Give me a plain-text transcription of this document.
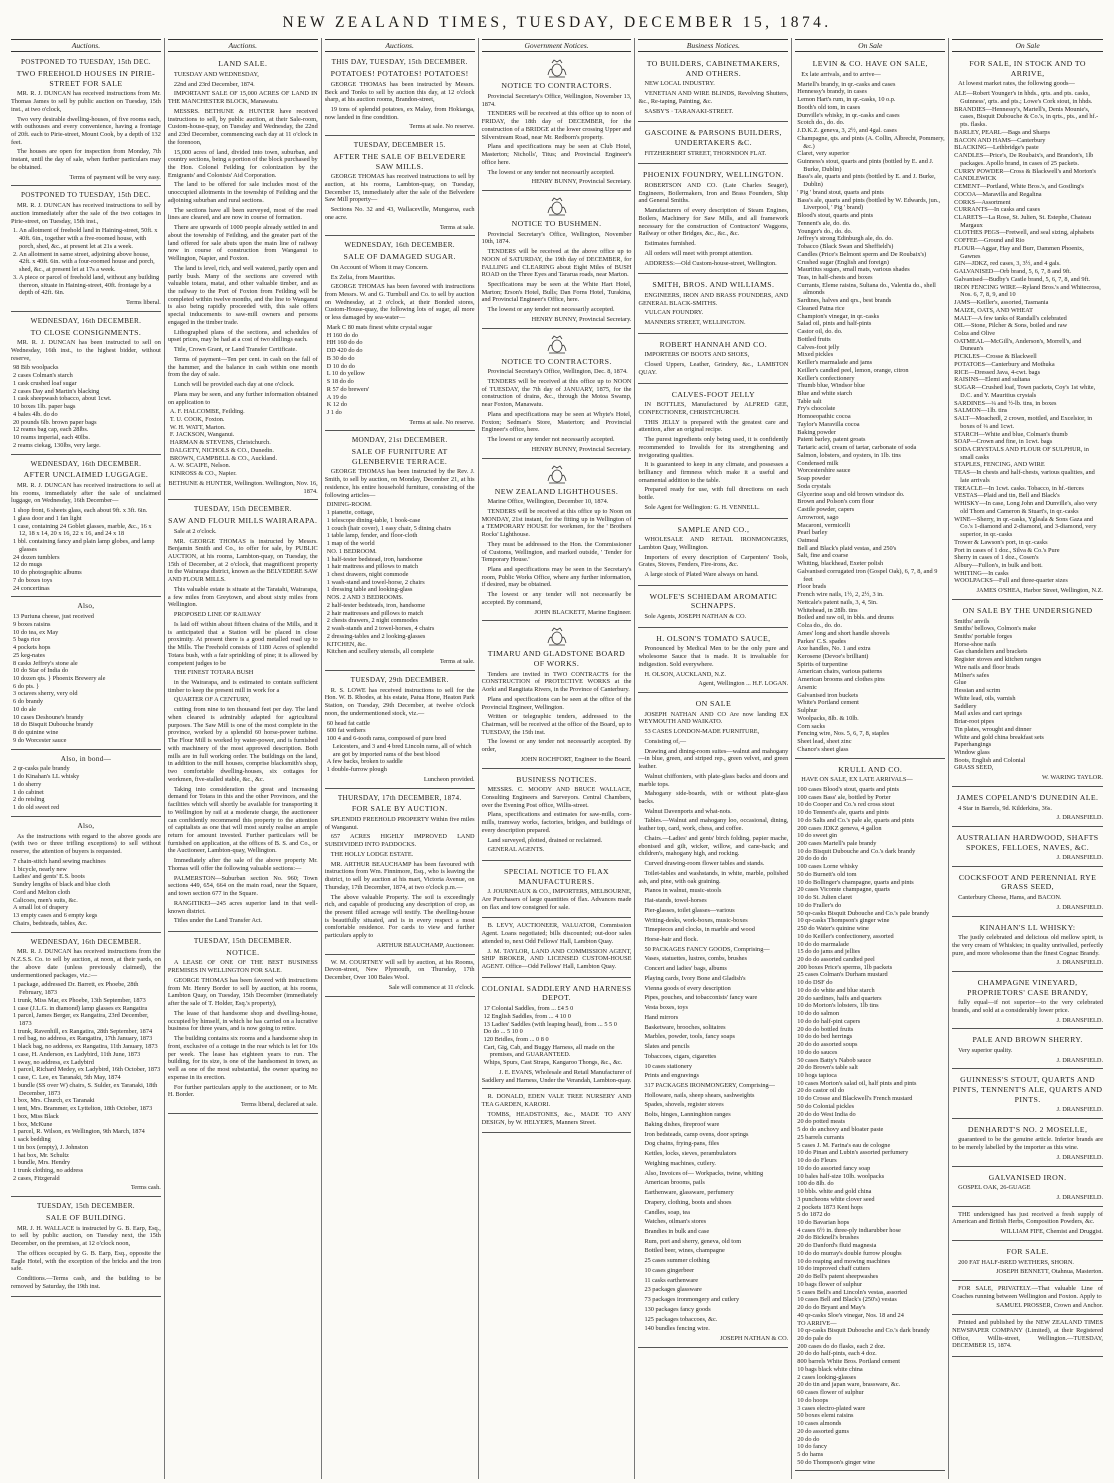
NEW ZEALAND TIMES, TUESDAY, DECEMBER 15, 1874.
Auctions.
POSTPONED TO TUESDAY, 15th DEC.
TWO FREEHOLD HOUSES IN PIRIE-STREET FOR SALE

MR. R. J. DUNCAN has received instructions from Mr. Thomas James to sell by public auction on Tuesday, 15th inst., at two o'clock,

Two very desirable dwelling-houses, of five rooms each, with outhouses and every convenience, having a frontage of 20ft. each to Pirie-street, Mount Cook, by a depth of 132 feet.

The houses are open for inspection from Monday, 7th instant, until the day of sale, when further particulars may be obtained.

Terms of payment will be very easy.
POSTPONED TO TUESDAY, 15th DEC.

MR. R. J. DUNCAN has received instructions to sell by auction immediately after the sale of the two cottages in Pirie-street, on Tuesday, 15th inst.,

1. An allotment of freehold land in Haining-street, 50ft. x 40ft. 6in., together with a five-roomed house, with porch, shed, &c., at present let at 21s a week.
2. An allotment in same street, adjoining above house, 42ft. x 40ft. 6in. with a four-roomed house and porch, shed, &c., at present let at 17s a week.
3. A piece or parcel of freehold land, without any building thereon, situate in Haining-street, 40ft. frontage by a depth of 42ft. 6in.
Terms liberal.
WEDNESDAY, 16th DECEMBER.
TO CLOSE CONSIGNMENTS.

MR. R. J. DUNCAN has been instructed to sell on Wednesday, 16th inst., to the highest bidder, without reserve,

98 Bib woolpacks
2 cases Colman's starch
1 cask crushed loaf sugar
2 cases Day and Martin's blacking
1 cask sheepwash tobacco, about 1cwt.
10 boxes 1lb. paper bags
4 bales 4lb. do do
20 pounds 6lb. brown paper bags
12 reams bag cap, each 28lbs.
10 reams imperial, each 40lbs.
2 reams ciekag, 130lbs, very large.
WEDNESDAY, 16th DECEMBER.
AFTER UNCLAIMED LUGGAGE.

MR. R. J. DUNCAN has received instructions to sell at his rooms, immediately after the sale of unclaimed luggage, on Wednesday, 16th December—

1 shop front, 6 sheets glass, each about 9ft. x 3ft. 6in.
1 glass door and 1 fan light
1 case, containing 24 Goblet glasses, marble, &c., 16 x 12, 18 x 14, 20 x 16, 22 x 16, and 24 x 18
1 bbl. containing fancy and plain lamp globes, and lamp glasses
24 dozen tumblers
12 do mugs
10 do photographic albums
7 do boxes toys
24 concertinas
Also,
13 Puriuna cheese, just received
9 boxes raisins
10 do tea, ex May
5 bags rice
4 pockets hops
25 keg-nates
8 casks Jeffrey's stone ale
10 do Star of India do
10 dozen qts. } Phoenix Brewery ale
6 do pts. }
3 octaves sherry, very old
6 do brandy
10 do ale
10 cases Deshoune's brandy
18 do Bisquit Dubouche brandy
8 do quinine wine
9 do Worcester sauce
Also, in bond—
2 qr-casks pale brandy
1 do Kinahan's LL whisky
1 do sherry
1 do cabinet
2 do reisling
1 do old sweet red
Also,

As the instructions with regard to the above goods are (with two or three trifling exceptions) to sell without reserve, the attention of buyers is requested.

7 chain-stitch hand sewing machines
1 bicycle, nearly new
Ladies' and gents' E.S. boots
Sundry lengths of black and blue cloth
Cord and Melton cloth
Calicoes, men's suits, &c.
A small lot of drapery
13 empty cases and 6 empty kegs
Chairs, bedsteads, tables, &c.
WEDNESDAY, 16th DECEMBER.

MR. R. J. DUNCAN has received instructions from the N.Z.S.S. Co. to sell by auction, at noon, at their yards, on the above date (unless previously claimed), the undermentioned packages, viz.:—

1 package, addressed Dr. Barrett, ex Phoebe, 28th February, 1873
1 trunk, Miss Mar, ex Phoebe, 13th September, 1873
1 case (J.L.G. in diamond) lamp glasses ex Rangatira
1 parcel, James Berger, ex Rangatira, 23rd December, 1873
1 trunk, Ravenhill, ex Rangatira, 28th September, 1874
1 red bag, no address, ex Rangatira, 17th January, 1873
1 black bag, no address, ex Rangatira, 11th January, 1873
1 case, H. Anderson, ex Ladybird, 11th June, 1873
1 sway, no address, ex Ladybird
1 parcel, Richard Medey, ex Ladybird, 16th October, 1873
1 case, C. Lee, ex Taranaki, 5th May, 1874
1 bundle (SS over W) chairs, S. Sulder, ex Taranaki, 18th December, 1873
1 box, Mrs. Church, ex Taranaki
1 tent, Mrs. Brammer, ex Lyttelton, 18th October, 1873
1 box, Miss Black
1 box, McKune
1 parcel, R. Wilson, ex Wellington, 9th March, 1874
1 sack bedding
1 tin box (empty), J. Johnston
1 hat box, Mr. Schultz
1 bundle, Mrs. Hendry
1 trunk clothing, no address
2 cases, Fitzgerald
Terms cash.
TUESDAY, 15th DECEMBER.
SALE OF BUILDING.

MR. J. H. WALLACE is instructed by G. B. Earp, Esq., to sell by public auction, on Tuesday next, the 15th December, on the premises, at 12 o'clock noon,

The offices occupied by G. B. Earp, Esq., opposite the Eagle Hotel, with the exception of the bricks and the iron safe.

Conditions.—Terms cash, and the building to be removed by Saturday, the 19th inst.

Auctions.
LAND SALE.

TUESDAY AND WEDNESDAY,

22nd and 23rd December, 1874.

IMPORTANT SALE OF 15,000 ACRES OF LAND IN THE MANCHESTER BLOCK, Manawatu.

MESSRS. BETHUNE & HUNTER have received instructions to sell, by public auction, at their Sale-room, Custom-house-quay, on Tuesday and Wednesday, the 22nd and 23rd December, commencing each day at 11 o'clock in the forenoon,

15,000 acres of land, divided into town, suburban, and country sections, being a portion of the block purchased by the Hon. Colonel Feilding for colonization by the Emigrants' and Colonists' Aid Corporation.

The land to be offered for sale includes most of the unoccupied allotments in the township of Feilding and the adjoining suburban and rural sections.

The sections have all been surveyed, most of the road lines are cleared, and are now in course of formation.

There are upwards of 1000 people already settled in and about the township of Feilding, and the greater part of the land offered for sale abuts upon the main line of railway now in course of construction from Wanganui to Wellington, Napier, and Foxton.

The land is level, rich, and well watered, partly open and partly bush. Many of the sections are covered with valuable totara, matai, and other valuable timber, and as the railway to the Port of Foxton from Feilding will be completed within twelve months, and the line to Wanganui is also being rapidly proceeded with, this sale offers special inducements to saw-mill owners and persons engaged in the timber trade.

Lithographed plans of the sections, and schedules of upset prices, may be had at a cost of two shillings each.

Title, Crown Grant, or Land Transfer Certificate.

Terms of payment—Ten per cent. in cash on the fall of the hammer, and the balance in cash within one month from the day of sale.

Lunch will be provided each day at one o'clock.

Plans may be seen, and any further information obtained on application to

A. F. HALCOMBE, Feilding.
T. U. COOK, Foxton.
W. H. WATT, Marton.
F. JACKSON, Wanganui.
HARMAN & STEVENS, Christchurch.
DALGETY, NICHOLS & CO., Dunedin.
BROWN, CAMPBELL & CO., Auckland.
A. W. SCAIFE, Nelson.
KINROSS & CO., Napier.
BETHUNE & HUNTER, Wellington. Wellington, Nov. 16, 1874.
TUESDAY, 15th DECEMBER.
SAW AND FLOUR MILLS WAIRARAPA.

Sale at 2 o'clock.

MR. GEORGE THOMAS is instructed by Messrs. Benjamin Smith and Co., to offer for sale, by PUBLIC AUCTION, at his rooms, Lambton-quay, on Tuesday, the 15th of December, at 2 o'clock, that magnificent property in the Wairarapa district, known as the BELVEDERE SAW AND FLOUR MILLS.

This valuable estate is situate at the Taratahi, Wairarapa, a few miles from Greytown, and about sixty miles from Wellington.

PROPOSED LINE OF RAILWAY

Is laid off within about fifteen chains of the Mills, and it is anticipated that a Station will be placed in close proximity. At present there is a good metalled road up to the Mills. The Freehold consists of 1180 Acres of splendid Totara bush, with a fair sprinkling of pine; it is allowed by competent judges to be

THE FINEST TOTARA BUSH

in the Wairarapa, and is estimated to contain sufficient timber to keep the present mill in work for a

QUARTER OF A CENTURY,

cutting from nine to ten thousand feet per day. The land when cleared is admirably adapted for agricultural purposes. The Saw Mill is one of the most complete in the province, worked by a splendid 60 horse-power turbine. The Flour Mill is worked by water-power, and is furnished with machinery of the most approved description. Both mills are in full working order. The buildings on the land, in addition to the mill houses, comprise blacksmith's shop, two comfortable dwelling-houses, six cottages for workmen, five-stalled stable, &c., &c.

Taking into consideration the great and increasing demand for Totara in this and the other Provinces, and the facilities which will shortly be available for transporting it to Wellington by rail at a moderate charge, the auctioneer can confidently recommend this property to the attention of capitalists as one that will most surely realise an ample return for amount invested. Further particulars will be furnished on application, at the offices of B. S. and Co., or the Auctioneer, Lambton-quay, Wellington.

Immediately after the sale of the above property Mr. Thomas will offer the following valuable sections:—

PALMERSTON—Suburban section No. 960; Town sections 449, 654, 664 on the main road, near the Square, and town section 677 in the Square.

RANGITIKEI—245 acres superior land in that well-known district.

Titles under the Land Transfer Act.

TUESDAY, 15th DECEMBER.
NOTICE.

A LEASE OF ONE OF THE BEST BUSINESS PREMISES IN WELLINGTON FOR SALE.

GEORGE THOMAS has been favored with instructions from Mr. Henry Border to sell by auction, at his rooms, Lambton Quay, on Tuesday, 15th December (immediately after the sale of T. Holder, Esq.'s property),

The lease of that handsome shop and dwelling-house, occupied by himself, in which he has carried on a lucrative business for three years, and is now going to retire.

The building contains six rooms and a handsome shop in front, exclusive of a cottage in the rear which is let for 10s per week. The lease has eighteen years to run. The building, for its size, is one of the handsomest in town, as well as one of the most substantial, the owner sparing no expense in its erection.

For further particulars apply to the auctioneer, or to Mr. H. Border.

Terms liberal, declared at sale.
Auctions.
THIS DAY, TUESDAY, 15th DECEMBER.
POTATOES! POTATOES! POTATOES!

GEORGE THOMAS has been instructed by Messrs. Beck and Tonks to sell by auction this day, at 12 o'clock sharp, at his auction rooms, Brandon-street,

19 tons of splendid potatoes, ex Malay, from Hokianga, now landed in fine condition.

Terms at sale. No reserve.
TUESDAY, DECEMBER 15.
AFTER THE SALE OF BELVEDERE SAW MILLS.

GEORGE THOMAS has received instructions to sell by auction, at his rooms, Lambton-quay, on Tuesday, December 15, immediately after the sale of the Belvedere Saw Mill property—

Sections No. 32 and 43, Wallaceville, Mungaroa, each one acre.

Terms at sale.
WEDNESDAY, 16th DECEMBER.
SALE OF DAMAGED SUGAR.

On Account of Whom it may Concern.

Ex Zelia, from Mauritius.

GEORGE THOMAS has been favored with instructions from Messrs. W. and G. Turnbull and Co. to sell by auction on Wednesday, at 2 o'clock, at their Bonded stores, Custom-House-quay, the following lots of sugar, all more or less damaged by sea-water—

Mark C 80 mats finest white crystal sugar
H 160 do do
HH 160 do do
DD 420 do do
B 30 do do
D 10 do do
L 10 do yellow
S 18 do do
R 57 do brewers'
A 19 do
K 12 do
J 1 do
Terms at sale. No reserve.
MONDAY, 21st DECEMBER.
SALE OF FURNITURE AT GLENBERVIE TERRACE.

GEORGE THOMAS has been instructed by the Rev. J. Smith, to sell by auction, on Monday, December 21, at his residence, his entire household furniture, consisting of the following articles—

DINING-ROOM.
1 pianette, cottage,
1 telescope dining-table, 1 book-case
1 couch (hair cover), 1 easy chair, 5 dining chairs
1 table lamp, fender, and floor-cloth
1 map of the world
NO. 1 BEDROOM.
1 half-tester bedstead, iron, handsome
1 hair mattress and pillows to match
1 chest drawers, night commode
1 wash-stand and towel-horse, 2 chairs
1 dressing table and looking-glass
NOS. 2 AND 3 BEDROOMS.
2 half-tester bedsteads, iron, handsome
2 hair mattresses and pillows to match
2 chests drawers, 2 night commodes
2 wash-stands and 2 towel-horses, 4 chairs
2 dressing-tables and 2 looking-glasses
KITCHEN, &c.
Kitchen and scullery utensils, all complete
Terms at sale.
TUESDAY, 29th DECEMBER.

R. S. LOWE has received instructions to sell for the Hon. W. B. Rhodes, at his estate, Paiua Hone, Heaton Park Station, on Tuesday, 29th December, at twelve o'clock noon, the undermentioned stock, viz.—

60 head fat cattle
600 fat wethers
100 4 and 6-tooth rams, composed of pure bred Leicesters, and 3 and 4 bred Lincoln rams, all of which are got by imported rams of the best blood
A few backs, broken to saddle
1 double-furrow plough
Luncheon provided.
THURSDAY, 17th DECEMBER, 1874.
FOR SALE BY AUCTION.

SPLENDID FREEHOLD PROPERTY Within five miles of Wanganui.

657 ACRES HIGHLY IMPROVED LAND SUBDIVIDED INTO PADDOCKS.

THE HOLLY LODGE ESTATE.

MR. ARTHUR BEAUCHAMP has been favoured with instructions from Wm. Finnimore, Esq., who is leaving the district, to sell by auction at his mart, Victoria Avenue, on Thursday, 17th December, 1874, at two o'clock p.m.—

The above valuable Property. The soil is exceedingly rich, and capable of producing any description of crop, as the present filled acreage will testify. The dwelling-house is beautifully situated, and is in every respect a most comfortable residence. For cards to view and further particulars apply to

ARTHUR BEAUCHAMP, Auctioneer.

W. M. COURTNEY will sell by auction, at his Rooms, Devon-street, New Plymouth, on Thursday, 17th December, Over 100 Bales Wool.

Sale will commence at 11 o'clock.
Government Notices.
NOTICE TO CONTRACTORS.

Provincial Secretary's Office, Wellington, November 13, 1874.

TENDERS will be received at this office up to noon of FRIDAY, the 18th day of DECEMBER, for the construction of a BRIDGE at the lower crossing Upper and Silverstream Road, near Mr. Redborn's property.

Plans and specifications may be seen at Club Hotel, Masterton; Nicholls', Titus; and Provincial Engineer's office here.

The lowest or any tender not necessarily accepted.

HENRY BUNNY, Provincial Secretary.
NOTICE TO BUSHMEN.

Provincial Secretary's Office, Wellington, November 10th, 1874.

TENDERS will be received at the above office up to NOON of SATURDAY, the 19th day of DECEMBER, for FALLING and CLEARING about Eight Miles of BUSH ROAD on the Three Eyes and Tararua roads, near Marton.

Specifications may be seen at the White Hart Hotel, Marton; Erson's Hotel, Bulls; Dan Forns Hotel, Turakina, and Provincial Engineer's Office, here.

The lowest or any tender not necessarily accepted.

HENRY BUNNY, Provincial Secretary.
NOTICE TO CONTRACTORS.

Provincial Secretary's Office, Wellington, Dec. 8, 1874.

TENDERS will be received at this office up to NOON of TUESDAY, the 7th day of JANUARY, 1875, for the construction of drains, &c., through the Motoa Swamp, near Foxton, Manawatu.

Plans and specifications may be seen at Whyte's Hotel, Foxton; Sedman's Store, Masterton; and Provincial Engineer's office, here.

The lowest or any tender not necessarily accepted.

HENRY BUNNY, Provincial Secretary.
NEW ZEALAND LIGHTHOUSES.

Marine Office, Wellington, December 10, 1874.

TENDERS will be received at this office up to Noon on MONDAY, 21st instant, for the fitting up in Wellington of a TEMPORARY HOUSE for workmen, for the ' Brothers Rocks' Lighthouse.

They must be addressed to the Hon. the Commissioner of Customs, Wellington, and marked outside, ' Tender for Temporary House.'

Plans and specifications may be seen in the Secretary's room, Public Works Office, where any further information, if desired, may be obtained.

The lowest or any tender will not necessarily be accepted. By command,

JOHN BLACKETT, Marine Engineer.
TIMARU AND GLADSTONE BOARD OF WORKS.

Tenders are invited in TWO CONTRACTS for the CONSTRUCTION of PROTECTIVE WORKS at the Aorki and Rangitata Rivers, in the Province of Canterbury.

Plans and specifications can be seen at the office of the Provincial Engineer, Wellington.

Written or telegraphic tenders, addressed to the Chairman, will be received at the office of the Board, up to TUESDAY, the 15th inst.

The lowest or any tender not necessarily accepted. By order,

JOHN ROCHFORT, Engineer to the Board.
BUSINESS NOTICES.

MESSRS. C. MOODY AND BRUCE WALLACE, Consulting Engineers and Surveyors. Central Chambers, over the Evening Post office, Willis-street.

Plans, specifications and estimates for saw-mills, corn-mills, tramway works, factories, bridges, and buildings of every description prepared.

Land surveyed, plotted, drained or reclaimed.

GENERAL AGENTS.

SPECIAL NOTICE TO FLAX MANUFACTURERS.

J. JOURNEAUX & CO., IMPORTERS, MELBOURNE, Are Purchasers of large quantities of flax. Advances made on flax and tow consigned for sale.

B. LEVY, AUCTIONEER, VALUATOR, Commission Agent. Loans negotiated; bills discounted; out-door sales attended to, next Odd Fellows' Hall, Lambton Quay.

J. M. TAYLOR, LAND AND COMMISSION AGENT, SHIP BROKER, AND LICENSED CUSTOM-HOUSE AGENT. Office—Odd Fellows' Hall, Lambton Quay.

COLONIAL SADDLERY AND HARNESS DEPOT.
17 Colonial Saddles, from ... £4 5 0
12 English Saddles, from ... 4 10 0
13 Ladies' Saddles (with leaping head), from ... 5 5 0
Do do ... 5 10 0
120 Bridles, from ... 0 8 0
Cart, Gig, Cab, and Buggy Harness, all made on the premises, and GUARANTEED.
Whips, Spurs, Cast Straps, Kangaroo Thongs, &c., &c.
J. E. EVANS, Wholesale and Retail Manufacturer of Saddlery and Harness, Under the Verandah, Lambton-quay.

R. DONALD, EDEN VALE TREE NURSERY AND TEA GARDEN, KARORI.

TOMBS, HEADSTONES, &c., MADE TO ANY DESIGN, by W. HELYER'S, Manners Street.

Business Notices.
TO BUILDERS, CABINETMAKERS, AND OTHERS.

NEW LOCAL INDUSTRY.

VENETIAN AND WIRE BLINDS, Revolving Shutters, &c., Re-taping, Painting, &c.

SASBY'S · TARANAKI-STREET.

GASCOINE & PARSONS BUILDERS, UNDERTAKERS &C.

FITZHERBERT STREET, THORNDON FLAT.

PHOENIX FOUNDRY, WELLINGTON.

ROBERTSON AND CO. (Late Charles Seager), Engineers, Boilermakers, Iron and Brass Founders, Ship and General Smiths.

Manufacturers of every description of Steam Engines, Boilers, Machinery for Saw Mills, and all framework necessary for the construction of Contractors' Waggons, Railway or other Bridges, &c., &c., &c.

Estimates furnished.

All orders will meet with prompt attention.

ADDRESS:—Old Custom-house-street, Wellington.

SMITH, BROS. AND WILLIAMS.

ENGINEERS, IRON AND BRASS FOUNDERS, AND GENERAL BLACK-SMITHS.

VULCAN FOUNDRY.

MANNERS STREET, WELLINGTON.

ROBERT HANNAH AND CO.

IMPORTERS OF BOOTS AND SHOES,

Closed Uppers, Leather, Grindery, &c., LAMBTON QUAY.

CALVES-FOOT JELLY

IN BOTTLES, Manufactured by ALFRED GEE, CONFECTIONER, CHRISTCHURCH.

THIS JELLY is prepared with the greatest care and attention, after an original recipe.

The purest ingredients only being used, it is confidently recommended to Invalids for its strengthening and invigorating qualities.

It is guaranteed to keep in any climate, and possesses a brilliancy and firmness which make it a useful and ornamental addition to the table.

Prepared ready for use, with full directions on each bottle.

Sole Agent for Wellington: G. H. VENNELL.

SAMPLE AND CO.,

WHOLESALE AND RETAIL IRONMONGERS, Lambton Quay, Wellington.

Importers of every description of Carpenters' Tools, Grates, Stoves, Fenders, Fire-irons, &c.

A large stock of Plated Ware always on hand.

WOLFE'S SCHIEDAM AROMATIC SCHNAPPS.

Sole Agents, JOSEPH NATHAN & CO.

H. OLSON'S TOMATO SAUCE,

Pronounced by Medical Men to be the only pure and wholesome Sauce that is made. It is invaluable for indigestion. Sold everywhere.

H. OLSON, AUCKLAND, N.Z.

Agent, Wellington ... H.F. LOGAN.
ON SALE

JOSEPH NATHAN AND CO Are now landing EX WEYMOUTH AND WAIKATO.

53 CASES LONDON-MADE FURNITURE,

Consisting of,—

Drawing and dining-room suites—walnut and mahogany—in blue, green, and striped rep., green velvet, and green leather.

Walnut chiffoniers, with plate-glass backs and doors and marble tops.

Mahogany side-boards, with or without plate-glass backs.

Walnut Davenports and what-nots.

Tables.—Walnut and mahogany loo, occasional, dining, leather top, card, work, chess, and coffee.

Chairs.—Ladies' and gents' birch folding, papier mache, ebonised and gilt, wicker, willow, and cane-back; and children's, mahogany high, and rocking.

Curved drawing-room flower tables and stands.

Toilet-tables and washstands, in white, marble, polished ash, and pine, with oak graining.

Pianos in walnut, music-stools

Hat-stands, towel-horses

Pier-glasses, toilet glasses—various

Writing-desks, work-boxes, music-boxes

Timepieces and clocks, in marble and wood

Horse-hair and flock.

50 PACKAGES FANCY GOODS, Comprising—

Vases, statuettes, lustres, combs, brushes

Concert and ladies' bags, albums

Playing cards, Ivory Bone and Gladish's

Vienna goods of every description

Pipes, pouches, and tobacconists' fancy ware

Vesta boxes, toys

Hand mirrors

Basketware, brooches, solitaires

Marbles, powder, tools, fancy soaps

Slates and pencils

Tobaccoes, cigars, cigarettes

10 cases stationery

Prints and engravings

317 PACKAGES IRONMONGERY, Comprising—

Holloware, nails, sheep shears, sashweights

Spades, shovels, register stoves

Bolts, hinges, Lanninghton ranges

Baking dishes, fireproof ware

Iron bedsteads, camp ovens, door springs

Dog chains, frying-pans, files

Kettles, locks, sieves, perambulators

Weighing machines, cutlery.

Also, Invoices of— Workpacks, twine, whiting

American brooms, pails

Earthenware, glassware, perfumery

Drapery, clothing, boots and shoes

Candles, soap, tea

Watches, oilman's stores

Brandies in bulk and case

Rum, port and sherry, geneva, old tom

Bottled beer, wines, champagne

25 cases summer clothing

10 cases gingerbeer

11 casks earthenware

23 packages glassware

73 packages ironmongery and cutlery

130 packages fancy goods

125 packages tobaccoes, &c.

140 bundles fencing wire.

JOSEPH NATHAN & CO.
On Sale
LEVIN & CO. HAVE ON SALE,

Ex late arrivals, and to arrive—

Martell's brandy, in qr.-casks and cases
Hennessy's brandy, in cases
Lemon Hart's rum, in qr.-casks, 10 o.p.
Booth's old tom, in cases
Dunville's whisky, in qr.-casks and cases
Scotch do., do. do.
J.D.K.Z. geneva, 3, 2½, and 4gal. cases
Champagne, qts. and pints (A. Collin, Albrecht, Pommery, &c.)
Claret, very superior
Guinness's stout, quarts and pints (bottled by E. and J. Burke, Dublin)
Bass's ale, quarts and pints (bottled by E. and J. Burke, Dublin)
' Pig ' brand stout, quarts and pints
Bass's ale, quarts and pints (bottled by W. Edwards, jun., Liverpool, ' Pig ' brand)
Blood's stout, quarts and pints
Tennent's ale, do. do.
Younger's do., do. do.
Jeffrey's strong Edinburgh ale, do. do.
Tobacco (Black Swan and Sheffield's)
Candles (Price's Belmont sperm and De Roubaix's)
Crushed sugar (English and foreign)
Mauritius sugars, small mats, various shades
Teas, in half-chests and boxes
Currants, Eleme raisins, Sultana do., Valentia do., shell almonds
Sardines, halves and qrs., best brands
Cleaned Patna rice
Champion's vinegar, in qr.-casks
Salad oil, pints and half-pints
Castor oil, do. do.
Bottled fruits
Calves-foot jelly
Mixed pickles
Keiller's marmalade and jams
Keiller's candied peel, lemon, orange, citron
Keiller's confectionery
Thumb blue, Windsor blue
Blue and white starch
Table salt
Fry's chocolate
Homoeopathic cocoa
Taylor's Maravilla cocoa
Baking powder
Patent barley, patent groats
Tartaric acid, cream of tartar, carbonate of soda
Salmon, lobsters, and oysters, in 1lb. tins
Condensed milk
Worcestershire sauce
Soap powder
Soda crystals
Glycerine soap and old brown windsor do.
Brown and Polson's corn flour
Castile powder, capers
Arrowroot, sago
Macaroni, vermicelli
Pearl barley
Oatmeal
Bell and Black's plaid vestas, and 250's
Salt, fine and coarse
Whiting, blackhead, Exeter polish
Galvanised corrugated iron (Gospel Oak), 6, 7, 8, and 9 feet
Floor brads
French wire nails, 1½, 2, 2½, 3 in.
Nettcale's patent nails, 3, 4, 5in.
Whitehead, in 28lb. tins
Boiled and raw oil, in bbls. and drums
Colza do., do. do.
Ames' long and short handle shovels
Parkes' C.S. spades
Axe handles, No. 1 and extra
Kerosene (Devoe's brilliant)
Spirits of turpentine
American chairs, various patterns
American brooms and clothes pins
Arsenic
Galvanised iron buckets
White's Portland cement
Sulphur
Woolpacks, 8lb. & 10lb.
Corn sacks
Fencing wire, Nos. 5, 6, 7, 8, staples
Sheet lead, sheet zinc
Chance's sheet glass
KRULL AND CO.

HAVE ON SALE, EX LATE ARRIVALS—

100 cases Blood's stout, quarts and pints
100 cases Bass' ale, bottled by Porter
10 do Cooper and Co.'s red cross stout
10 do Tennent's ale, quarts and pints
10 do Salts and Co.'s pale ale, quarts and pints
200 cases JDKZ geneva, 4 gallon
10 do sweet gin
200 cases Martell's pale brandy
10 do Bisquit Dubouche and Co.'s dark brandy
20 do do do
100 cases Lorne whisky
50 do Burnett's old tom
10 do Bollinger's champagne, quarts and pints
20 cases Vicomte champagne, quarts
10 do St. Julien claret
10 do Fraller's do
50 qr-casks Bisquit Dubouche and Co.'s pale brandy
10 qr-casks Thompson's ginger wine
250 do Water's quinine wine
10 do Keiller's confectionery, assorted
10 do do marmalade
15 do do jams and jellies
20 do do assorted candied peel
200 boxes Price's sperms, 1lb packets
25 cases Colman's Durham mustard
10 do DSF do
10 do do white and blue starch
20 do sardines, halfs and quarters
10 do Morton's lobsters, 1lb tins
10 do do salmon
10 do do half-pint capers
20 do do bottled fruits
10 do do bed herrings
20 do do assorted soups
10 do do sauces
50 cases Batty's Nabob sauce
20 do Brown's table salt
10 hogs tapioca
10 cases Morton's salad oil, half pints and pints
20 do castor oil do
10 do Crosse and Blackwell's French mustard
50 do Colonial pickles
20 do do West India do
20 do potted meats
5 do do anchovy and bloater paste
25 barrels currants
5 cases J. M. Farina's eau de cologne
10 do Pinan and Lubin's assorted perfumery
10 do do Fleurs
10 do do assorted fancy soap
10 bales half-size 10lb. woolpacks
100 do 8lb. do
10 bbls. white and gold china
3 puncheons white clover seed
2 pockets 1873 Kent hops
5 do 1872 do
10 do Bavarian hops
4 cases 6½ in. three-ply indiarubber hose
20 do Bicknell's brushes
20 do Danford's fluid magnesia
10 do do murray's double furrow ploughs
10 do reaping and mowing machines
10 do improved chaff cutters
20 do Bell's patent sheepwashes
10 bags flower of sulphur
5 cases Bell's and Lincoln's vestas, assorted
10 cases Bell and Black's (250's) vestas
20 do do Bryant and May's
40 qr-casks Sloe's vinegar, Nos. 18 and 24
TO ARRIVE—
10 qr-casks Bisquit Dubouche and Co.'s dark brandy
20 do pale do
200 cases do do flasks, each 2 doz.
20 do do half-pints, each 4 doz.
800 barrels White Bros. Portland cement
10 bags black white china
2 cases looking-glasses
20 do tin and japan ware, brassware, &c.
60 cases flower of sulphur
10 do hoops
3 cases electro-plated ware
50 boxes elemi raisins
10 cases almonds
20 do assorted gums
20 do do
10 do fancy
5 do hams
50 do Thompson's ginger wine
On Sale
FOR SALE, IN STOCK AND TO ARRIVE,

At lowest market rates, the following goods—

ALE—Robert Younger's in hhds., qrts. and pts. casks, Guinness', qrts. and pts.; Lowe's Cork stout, in hhds.
BRANDIES—Hennessy's, Martell's, Denis Mounie's, cases, Bisquit Dubouche & Co.'s, in qrts., pts., and hf.-pts. flasks.
BARLEY, PEARL—Bags and Sharps
BACON AND HAMS—Canterbury
BLACKING—Lethbridge's paste
CANDLES—Price's, De Roubaix's, and Brandon's, 1lb packages. Apollo brand, in cases of 25 packets.
CURRY POWDER—Cross & Blackwell's and Morton's
CANDLEWICK
CEMENT—Portland, White Bros.'s, and Gostling's
COCOA—Maravilla and Regalina
CORKS—Assortment
CURRANTS—In casks and cases
CLARETS—La Rose, St. Julien, St. Estephe, Chateau Margaux
CLOTHES PEGS—Fretwell, and seal sizing, alphabets
COFFEE—Ground and Rio
FLOUR—Aggar, Hay and Burr, Dammen Phoenix, Gawnes
GIN—JDKZ, red cases, 3, 3½, and 4 gals.
GALVANISED—Orb brand, 5, 6, 7, 8 and 9ft.
Galvanised—Budby's Castle brand, 5, 6, 7, 8, and 9ft.
IRON FENCING WIRE—Ryland Bros.'s and Whitecross, Nos. 6, 7, 8, 9, and 10
JAMS—Keiller's, assorted, Tasmania
MAIZE, OATS, AND WHEAT
MALT—A few tanks of Randall's celebrated
OIL—Stone, Pilcher & Sons, boiled and raw
Colza and Olive
OATMEAL—McGill's, Anderson's, Morrell's, and Dunean's
PICKLES—Crosse & Blackwell
POTATOES—Canterbury and Mothuka
RICE—Dressed Java, 4-cwt. bags
RAISINS—Elemi and sultana
SUGAR—Crushed loaf, Town packets, Coy's 1st white, D.C. and Y. Mauritius crystals
SARDINES—¼ and ½-lb. tins, in boxes
SALMON—1lb. tins
SALT—Moachedl, 2 crown, mottled, and Excelsior, in boxes of ¼ and 1cwt.
STARCH—White and blue, Colman's thumb
SOAP—Crown and fine, in 1cwt. bags
SODA CRYSTALS AND FLOUR OF SULPHUR, in small casks
STAPLES, FENCING, AND WIRE
TEAS—In chests and half-chests, various qualities, and late arrivals
TREACLE—In 1cwt. casks. Tobacco, in hf.-tierces
VESTAS—Plaid and tin, Bell and Black's
WHISKY—In case, Long John and Dunville's, also very old Thom and Cameron & Stuart's, in qr.-casks
WINE—Sherry, in qr.-casks, Ygleala & Sons Gaza and Co.'s 1-diamond and 2-diamond, and 3-diamond, very superior, in qr.-casks
Trower & Lawson's port, in qr.-casks
Port in cases of 1 doz., Silva & Co.'s Pure
Sherry in cases of 1 doz., Cosen's
Albury—Fullon's, in bulk and bott.
WHITING—In casks
WOOLPACKS—Full and three-quarter sizes
JAMES O'SHEA, Harbor Street, Wellington, N.Z.
ON SALE BY THE UNDERSIGNED
Smiths' anvils
Smiths' bellows, Colmon's make
Smiths' portable forges
Horse-shoe nails
Gas chandeliers and brackets
Register stoves and kitchen ranges
Wire nails and floor brads
Milner's safes
Glue
Hessian and scrim
White lead, oils, varnish
Saddlery
Mail axles and cart springs
Briar-root pipes
Tin plates, wrought and dinner
White and gold china breakfast sets
Paperhangings
Window glass
Boots, English and Colonial
GRASS SEED,
W. WARING TAYLOR.
JAMES COPELAND'S DUNEDIN ALE.

4 Star in Barrels, 9d. Kilderkins, 36s.

J. DRANSFIELD.
AUSTRALIAN HARDWOOD, SHAFTS SPOKES, FELLOES, NAVES, &C.
J. DRANSFIELD.
COCKSFOOT AND PERENNIAL RYE GRASS SEED,

Canterbury Cheese, Hams, and BACON.

J. DRANSFIELD.
KINAHAN'S LL WHISKY:

The justly celebrated and delicious old mellow spirit, is the very cream of Whiskies; in quality unrivalled, perfectly pure, and more wholesome than the finest Cognac Brandy.

J. DRANSFIELD.
CHAMPAGNE VINEYARD, PROPRIETORS' CASE BRANDY,

fully equal—if not superior—to the very celebrated brands, and sold at a considerably lower price.

J. DRANSFIELD.
PALE AND BROWN SHERRY.

Very superior quality.

J. DRANSFIELD.
GUINNESS'S STOUT, QUARTS AND PINTS, TENNENT'S ALE, QUARTS AND PINTS.
J. DRANSFIELD.
DENHARDT'S NO. 2 MOSELLE,

guaranteed to be the genuine article. Inferior brands are to be merely labelled by the importer as this wine.

J. DRANSFIELD.
GALVANISED IRON.

GOSPEL OAK, 26-GUAGE

J. DRANSFIELD.

THE undersigned has just received a fresh supply of American and British Herbs, Composition Powders, &c.

WILLIAM FIFE, Chemist and Druggist.
FOR SALE.

200 FAT HALF-BRED WETHERS, SHORN.

JOSEPH BENNETT, Otahnua, Masterton.

FOR SALE, PRIVATELY.—That valuable Line of Coaches running between Wellington and Foxton. Apply to

SAMUEL PROSSER, Crown and Anchor.

Printed and published by the NEW ZEALAND TIMES NEWSPAPER COMPANY (Limited), at their Registered Office, Willis-street, Wellington.—TUESDAY, DECEMBER 15, 1874.
